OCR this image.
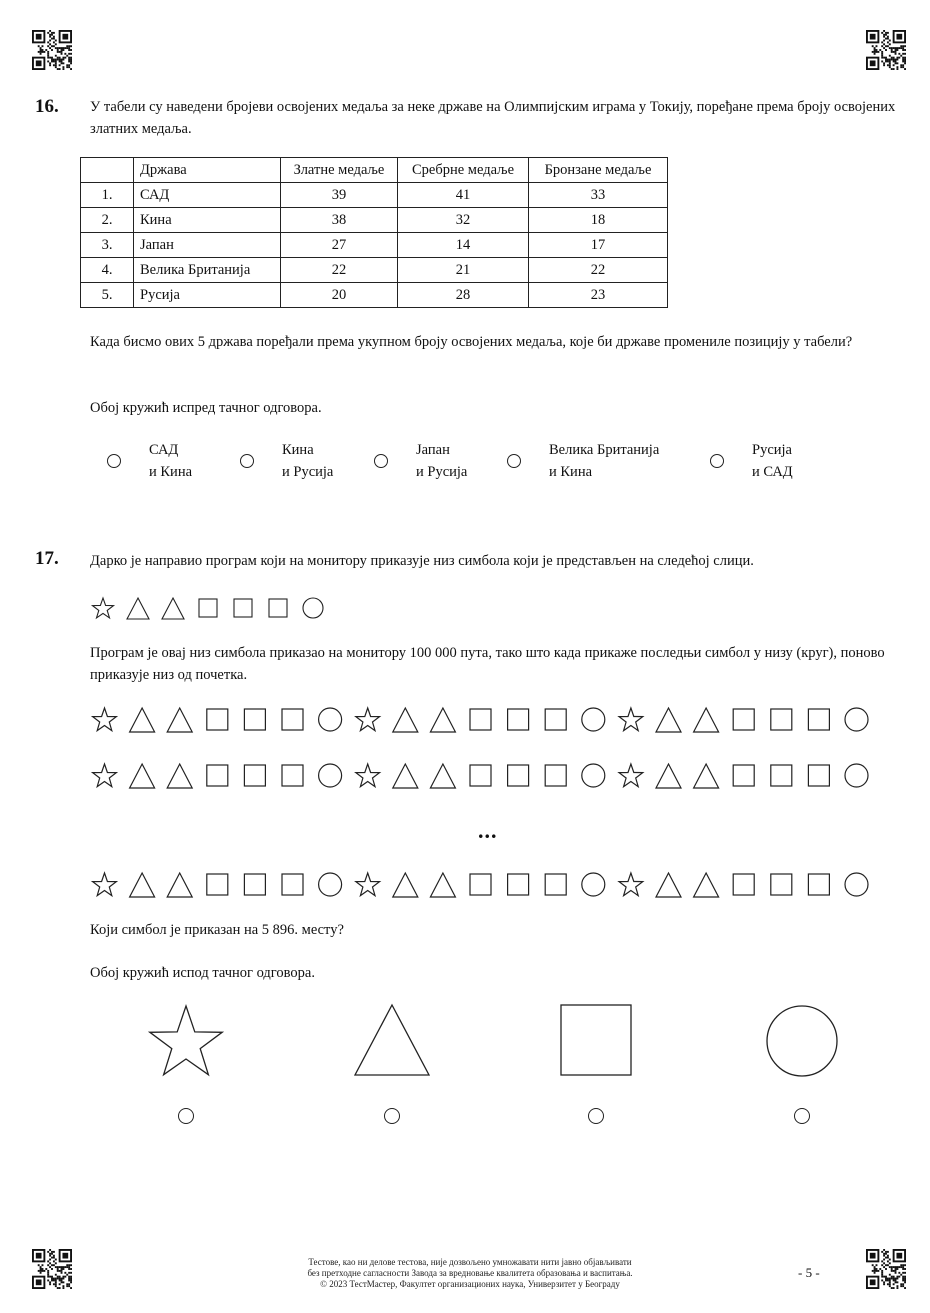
16. У табели су наведени бројеви освојених медаља за неке државе на Олимпијским играма у Токију, поређане према броју освојених златних медаља.

	Држава	Златне медаље	Сребрне медаље	Бронзане медаље
1.	САД	39	41	33
2.	Кина	38	32	18
3.	Јапан	27	14	17
4.	Велика Британија	22	21	22
5.	Русија	20	28	23

Када бисмо ових 5 држава поређали према укупном броју освојених медаља, које би државе промениле позицију у табели?

Обој кружић испред тачног одговора.

САД
и Кина
Кина
и Русија
Јапан
и Русија
Велика Британија
и Кина
Русија
и САД
17. Дарко је направио програм који на монитору приказује низ симбола који је представљен на следећој слици.

Програм је овај низ симбола приказао на монитору 100 000 пута, тако што када прикаже последњи симбол у низу (круг), поново приказује низ од почетка.

...

Који симбол је приказан на 5 896. месту?

Обој кружић испод тачног одговора.

Тестове, као ни делове тестова, није дозвољено умножавати нити јавно објављивати
без претходне сагласности Завода за вредновање квалитета образовања и васпитања.
© 2023 ТестМастер, Факултет организационих наука, Универзитет у Београду
- 5 -
